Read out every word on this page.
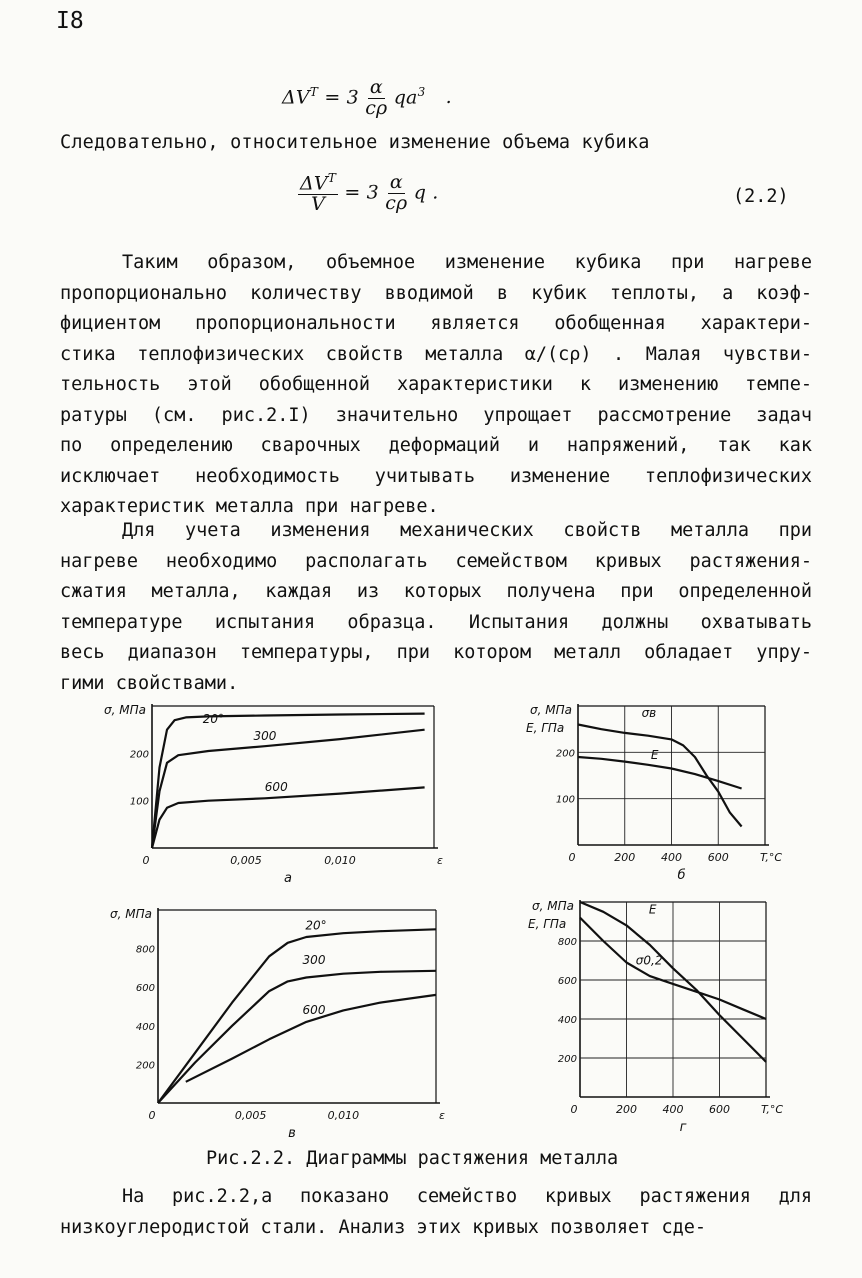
I8
$\Delta V^T = 3 \frac{\alpha}{c\rho} qa^3$ .
Следовательно, относительное изменение объема кубика
$\frac{\Delta V^T}{V} = 3 \frac{\alpha}{c\rho}$ q .	(2.2)
Таким образом, объемное изменение кубика при нагреве
пропорционально количеству вводимой в кубик теплоты, а коэф-
фициентом пропорциональности является обобщенная характери-
стика теплофизических свойств металла α/(cρ) . Малая чувстви-
тельность этой обобщенной характеристики к изменению темпе-
ратуры (см. рис.2.I) значительно упрощает рассмотрение задач
по определению сварочных деформаций и напряжений, так как
исключает необходимость учитывать изменение теплофизических
характеристик металла при нагреве.
Для учета изменения механических свойств металла при
нагреве необходимо располагать семейством кривых растяжения-
сжатия металла, каждая из которых получена при определенной
температуре испытания образца. Испытания должны охватывать
весь диапазон температуры, при котором металл обладает упру-
гими свойствами.
0	0,005	0,010	ε
100
200
σ, МПа
20°
300
600
а
0	200 400 600	T,°C
100
200
σ, МПа
Е, ГПа
σв
Е
б
0	0,005	0,010	ε
200
400
600
800
σ, МПа
20°
300
600
в
0	200 400 600	T,°C
200
400
600
800
σ, МПа
Е, ГПа
Е
σ0,2
г
Рис.2.2. Диаграммы растяжения металла
На рис.2.2,а показано семейство кривых растяжения для
низкоуглеродистой стали. Анализ этих кривых позволяет сде-
